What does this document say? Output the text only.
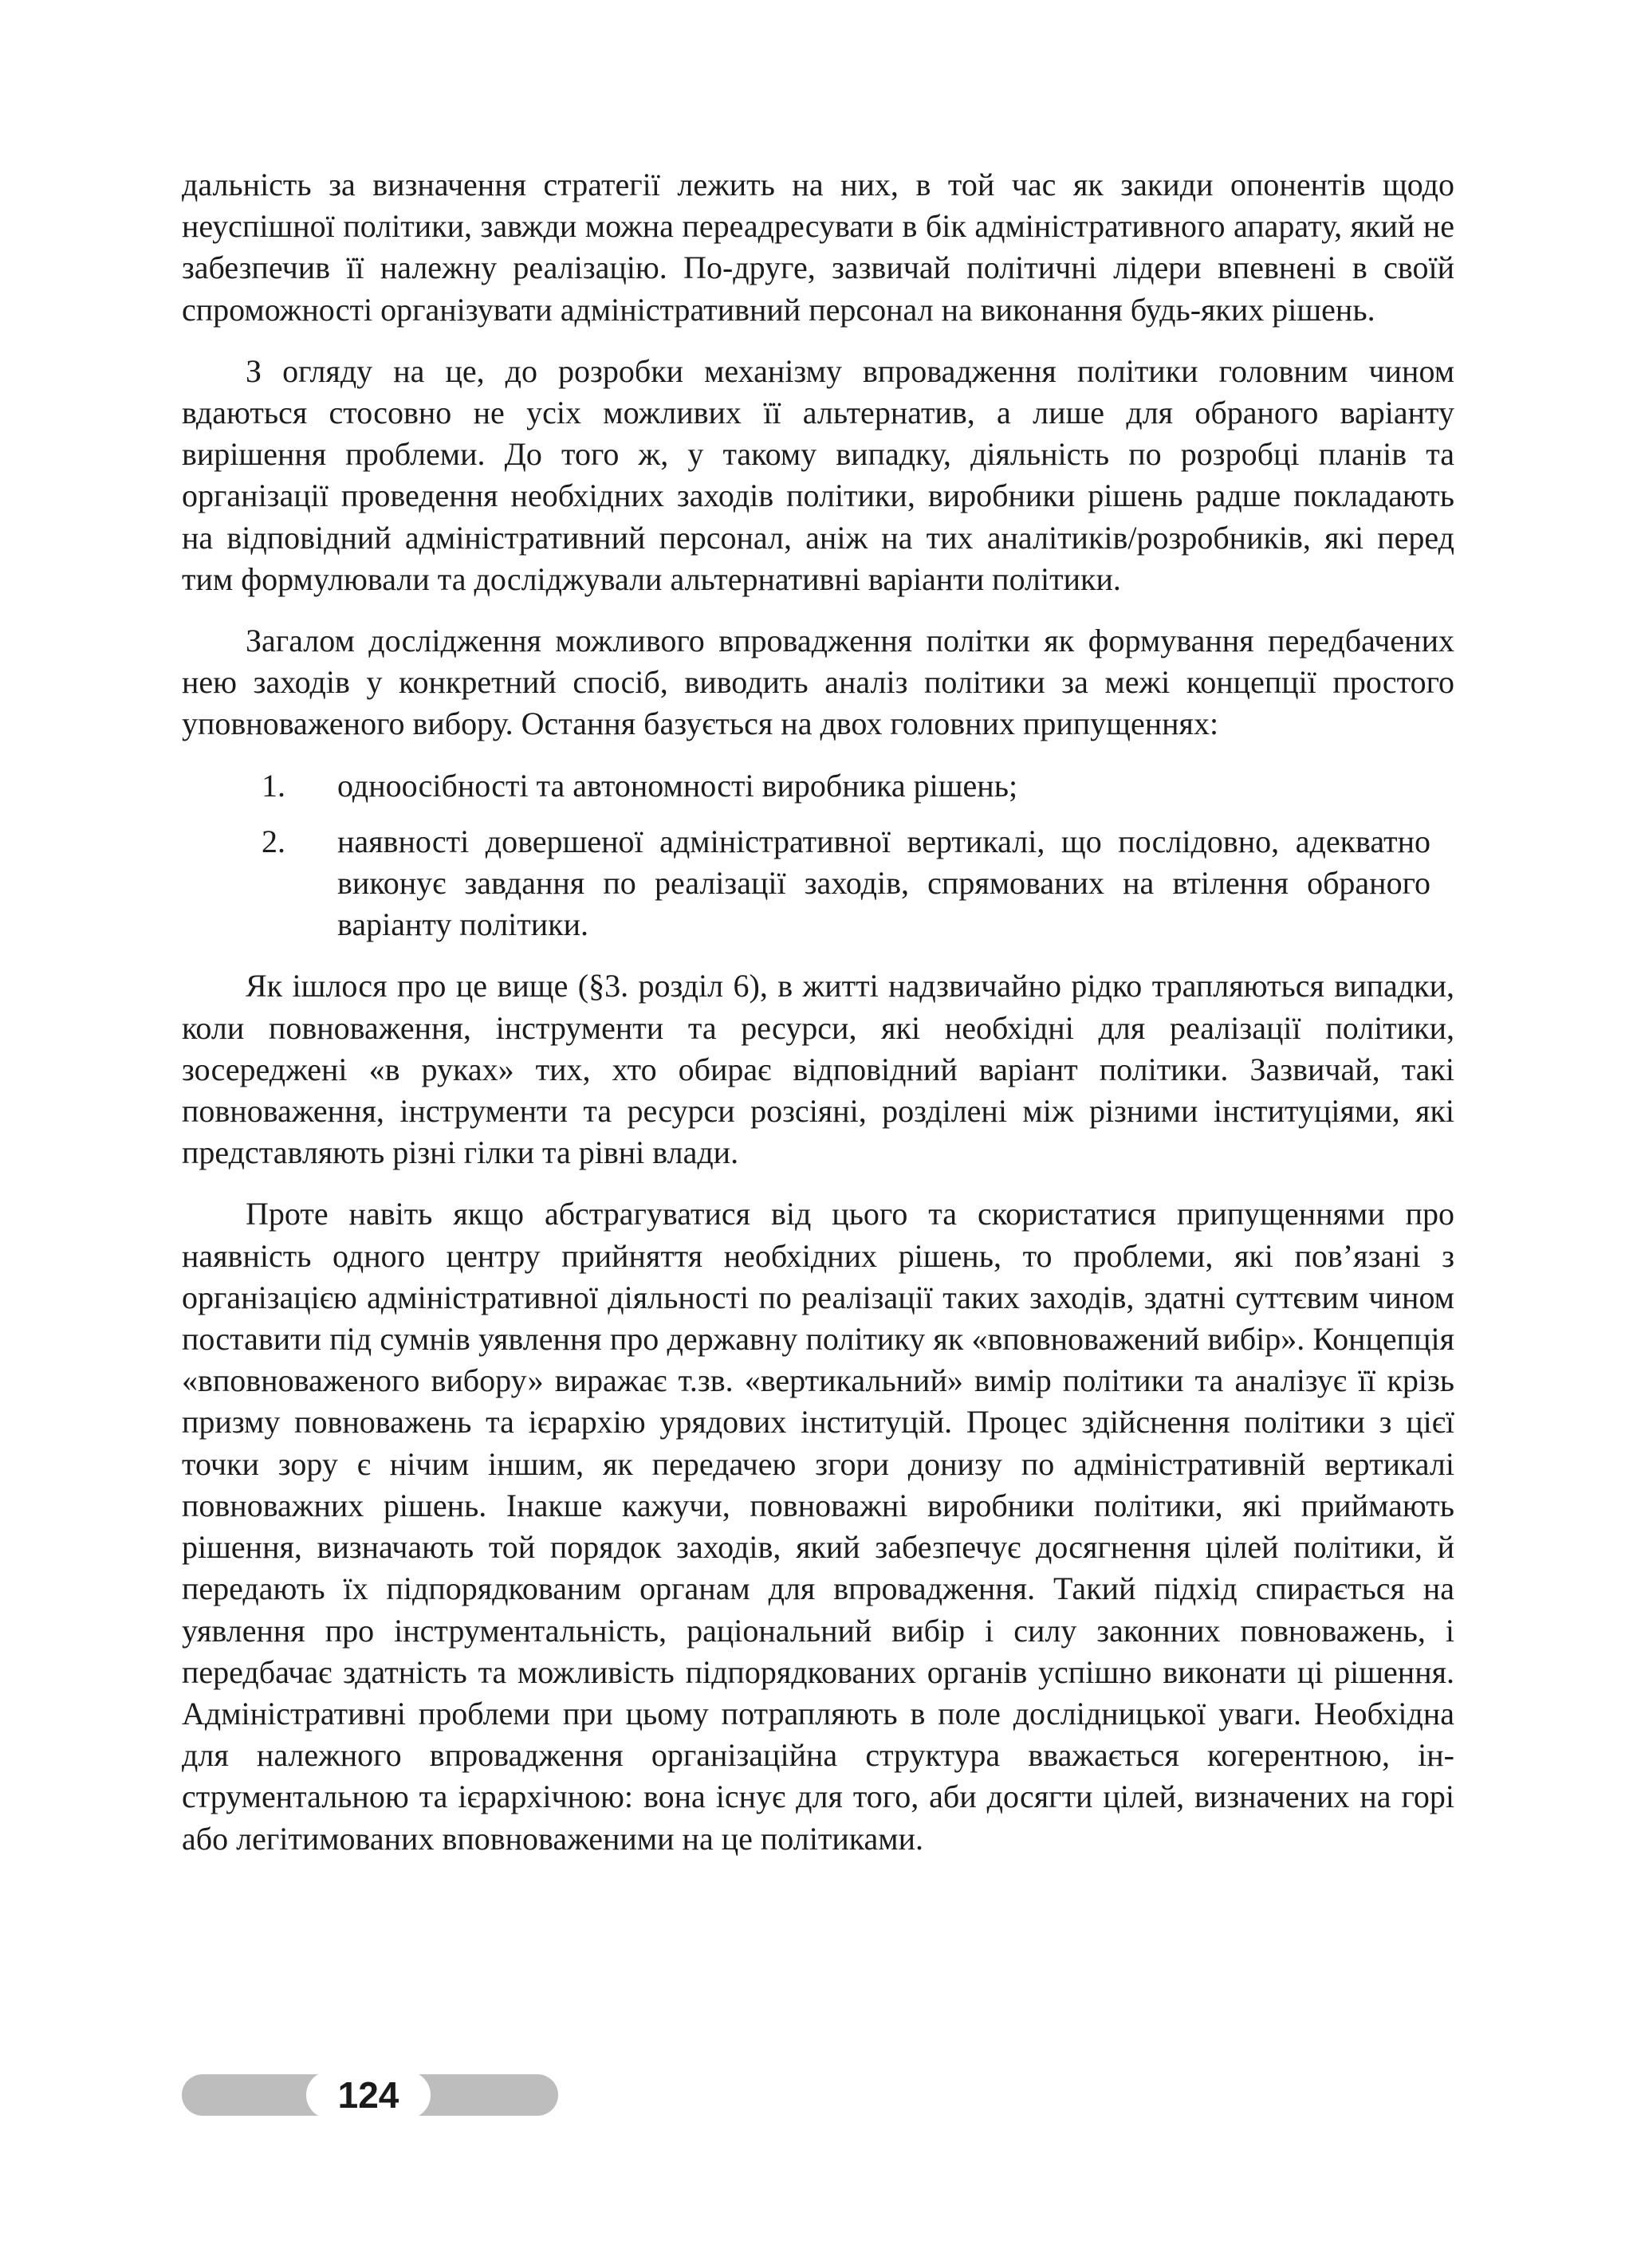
дальність за визначення стратегії лежить на них, в той час як закиди опонентів щодо неуспішної політики, завжди можна переадресувати в бік адміністративного апарату, який не забезпечив її належну реалізацію. По-друге, зазвичай політичні лідери впевнені в своїй спроможності організувати адміністративний персонал на виконання будь-яких рішень.

З огляду на це, до розробки механізму впровадження політики головним чином вдаються стосовно не усіх можливих її альтернатив, а лише для обраного варіанту вирішення проблеми. До того ж, у такому випадку, діяльність по розробці планів та організації проведення необхідних заходів політики, виробники рішень радше покладають на відповідний адміністративний персонал, аніж на тих аналітиків/розробників, які перед тим формулювали та досліджували альтернативні варіанти політики.

Загалом дослідження можливого впровадження політки як формування передбачених нею заходів у конкретний спосіб, виводить аналіз політики за межі концепції простого уповноваженого вибору. Остання базується на двох головних припущеннях:

1.	одноосібності та автономності виробника рішень;
2.	наявності довершеної адміністративної вертикалі, що послідовно, адекватно виконує завдання по реалізації заходів, спрямованих на втілення обраного варіанту політики.

Як ішлося про це вище (§3. розділ 6), в житті надзвичайно рідко трапляються випадки, коли повноваження, інструменти та ресурси, які необхідні для реалізації політики, зосереджені «в руках» тих, хто обирає відповідний варіант політики. Зазвичай, такі повноваження, інструменти та ресурси розсіяні, розділені між різними інституціями, які представляють різні гілки та рівні влади.

Проте навіть якщо абстрагуватися від цього та скористатися припущеннями про наявність одного центру прийняття необхідних рішень, то проблеми, які пов’язані з організацією адміністративної діяльності по реалізації таких заходів, здатні суттєвим чином поставити під сумнів уявлення про державну політику як «вповноважений вибір». Концепція «вповноваженого вибору» виражає т.зв. «вертикальний» вимір політики та аналізує її крізь призму повноважень та ієрархію урядових інституцій. Процес здійснення політики з цієї точки зору є нічим іншим, як передачею згори донизу по адміністративній вертикалі повноважних рішень. Інакше кажучи, повноважні виробники політики, які приймають рішення, визначають той порядок заходів, який забезпечує досягнення цілей політики, й передають їх підпорядкованим органам для впровадження. Такий підхід спирається на уявлення про інструментальність, раціональний вибір і силу законних повноважень, і передбачає здатність та можливість підпорядкованих органів успішно виконати ці рішення. Адміністративні проблеми при цьому потрапляють в поле дослідницької уваги. Необхідна для належного впровадження організаційна структура вважається когерентною, інструментальною та ієрархічною: вона існує для того, аби досягти цілей, визначених на горі або легітимованих вповноваженими на це політиками.

124
